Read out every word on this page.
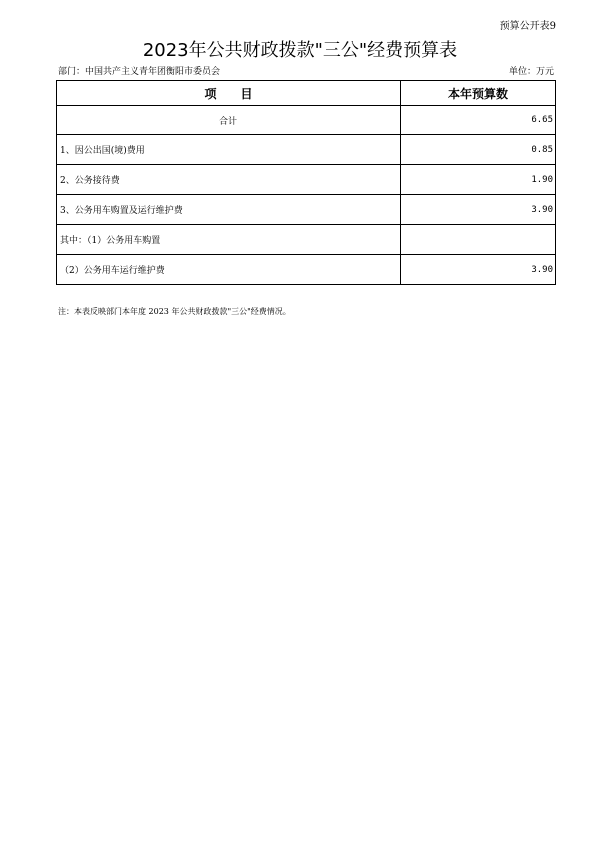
预算公开表9
2023年公共财政拨款"三公"经费预算表
部门：中国共产主义青年团衡阳市委员会	单位：万元
项　　目	本年预算数
合计	6.65
1、因公出国(境)费用	0.85
2、公务接待费	1.90
3、公务用车购置及运行维护费	3.90
其中：（1）公务用车购置	
（2）公务用车运行维护费	3.90
注：本表反映部门本年度 2023 年公共财政拨款"三公"经费情况。
